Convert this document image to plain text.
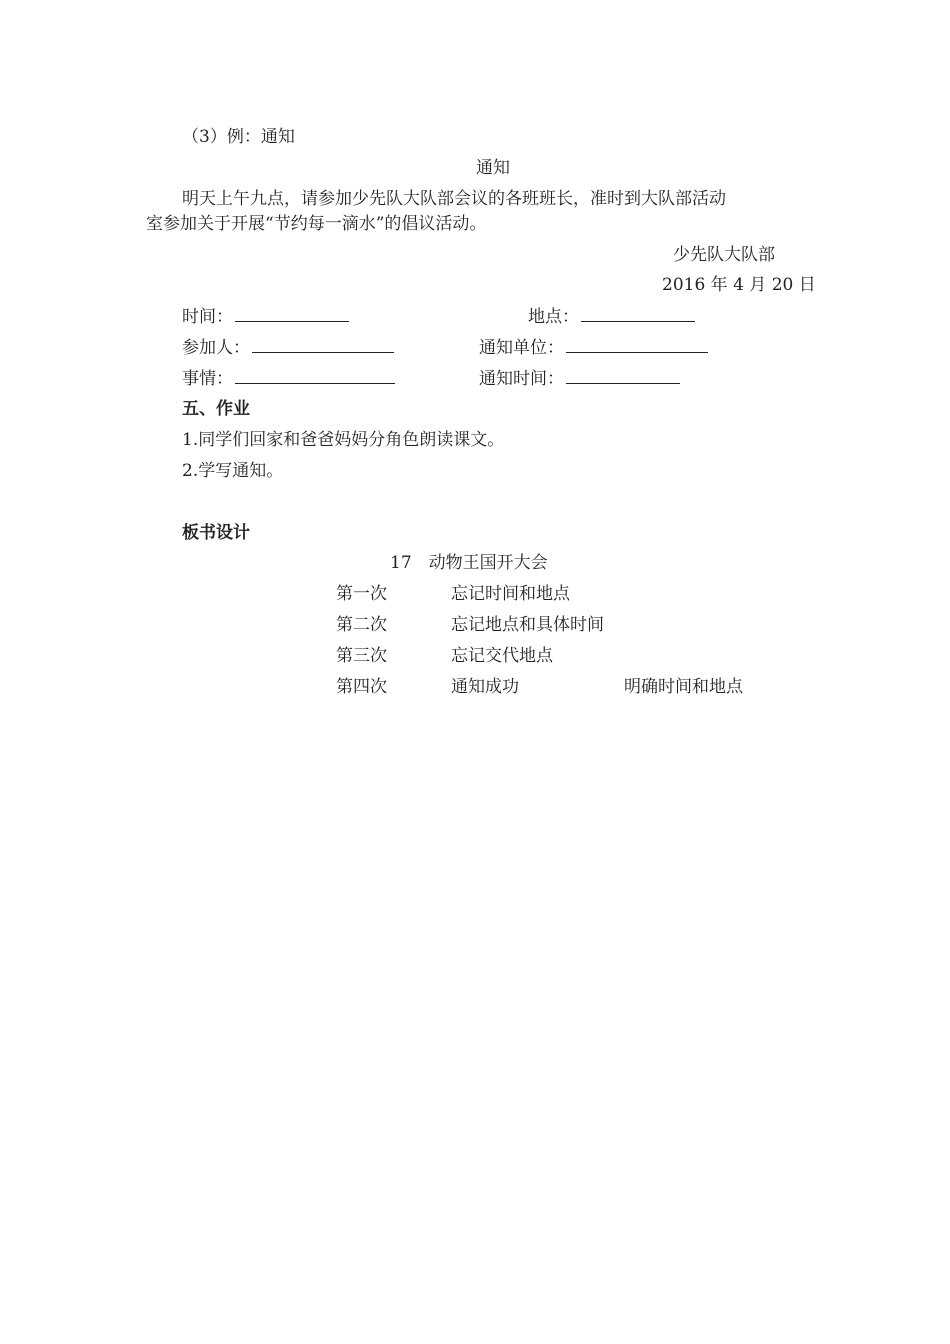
（3）例：通知
通知
明天上午九点，请参加少先队大队部会议的各班班长，准时到大队部活动
室参加关于开展“节约每一滴水”的倡议活动。
少先队大队部
2016 年 4 月 20 日
时间：	地点：
参加人：	通知单位：
事情：	通知时间：
五、作业
1.同学们回家和爸爸妈妈分角色朗读课文。
2.学写通知。
板书设计
17　动物王国开大会
第一次	忘记时间和地点
第二次	忘记地点和具体时间
第三次	忘记交代地点
第四次	通知成功	明确时间和地点
